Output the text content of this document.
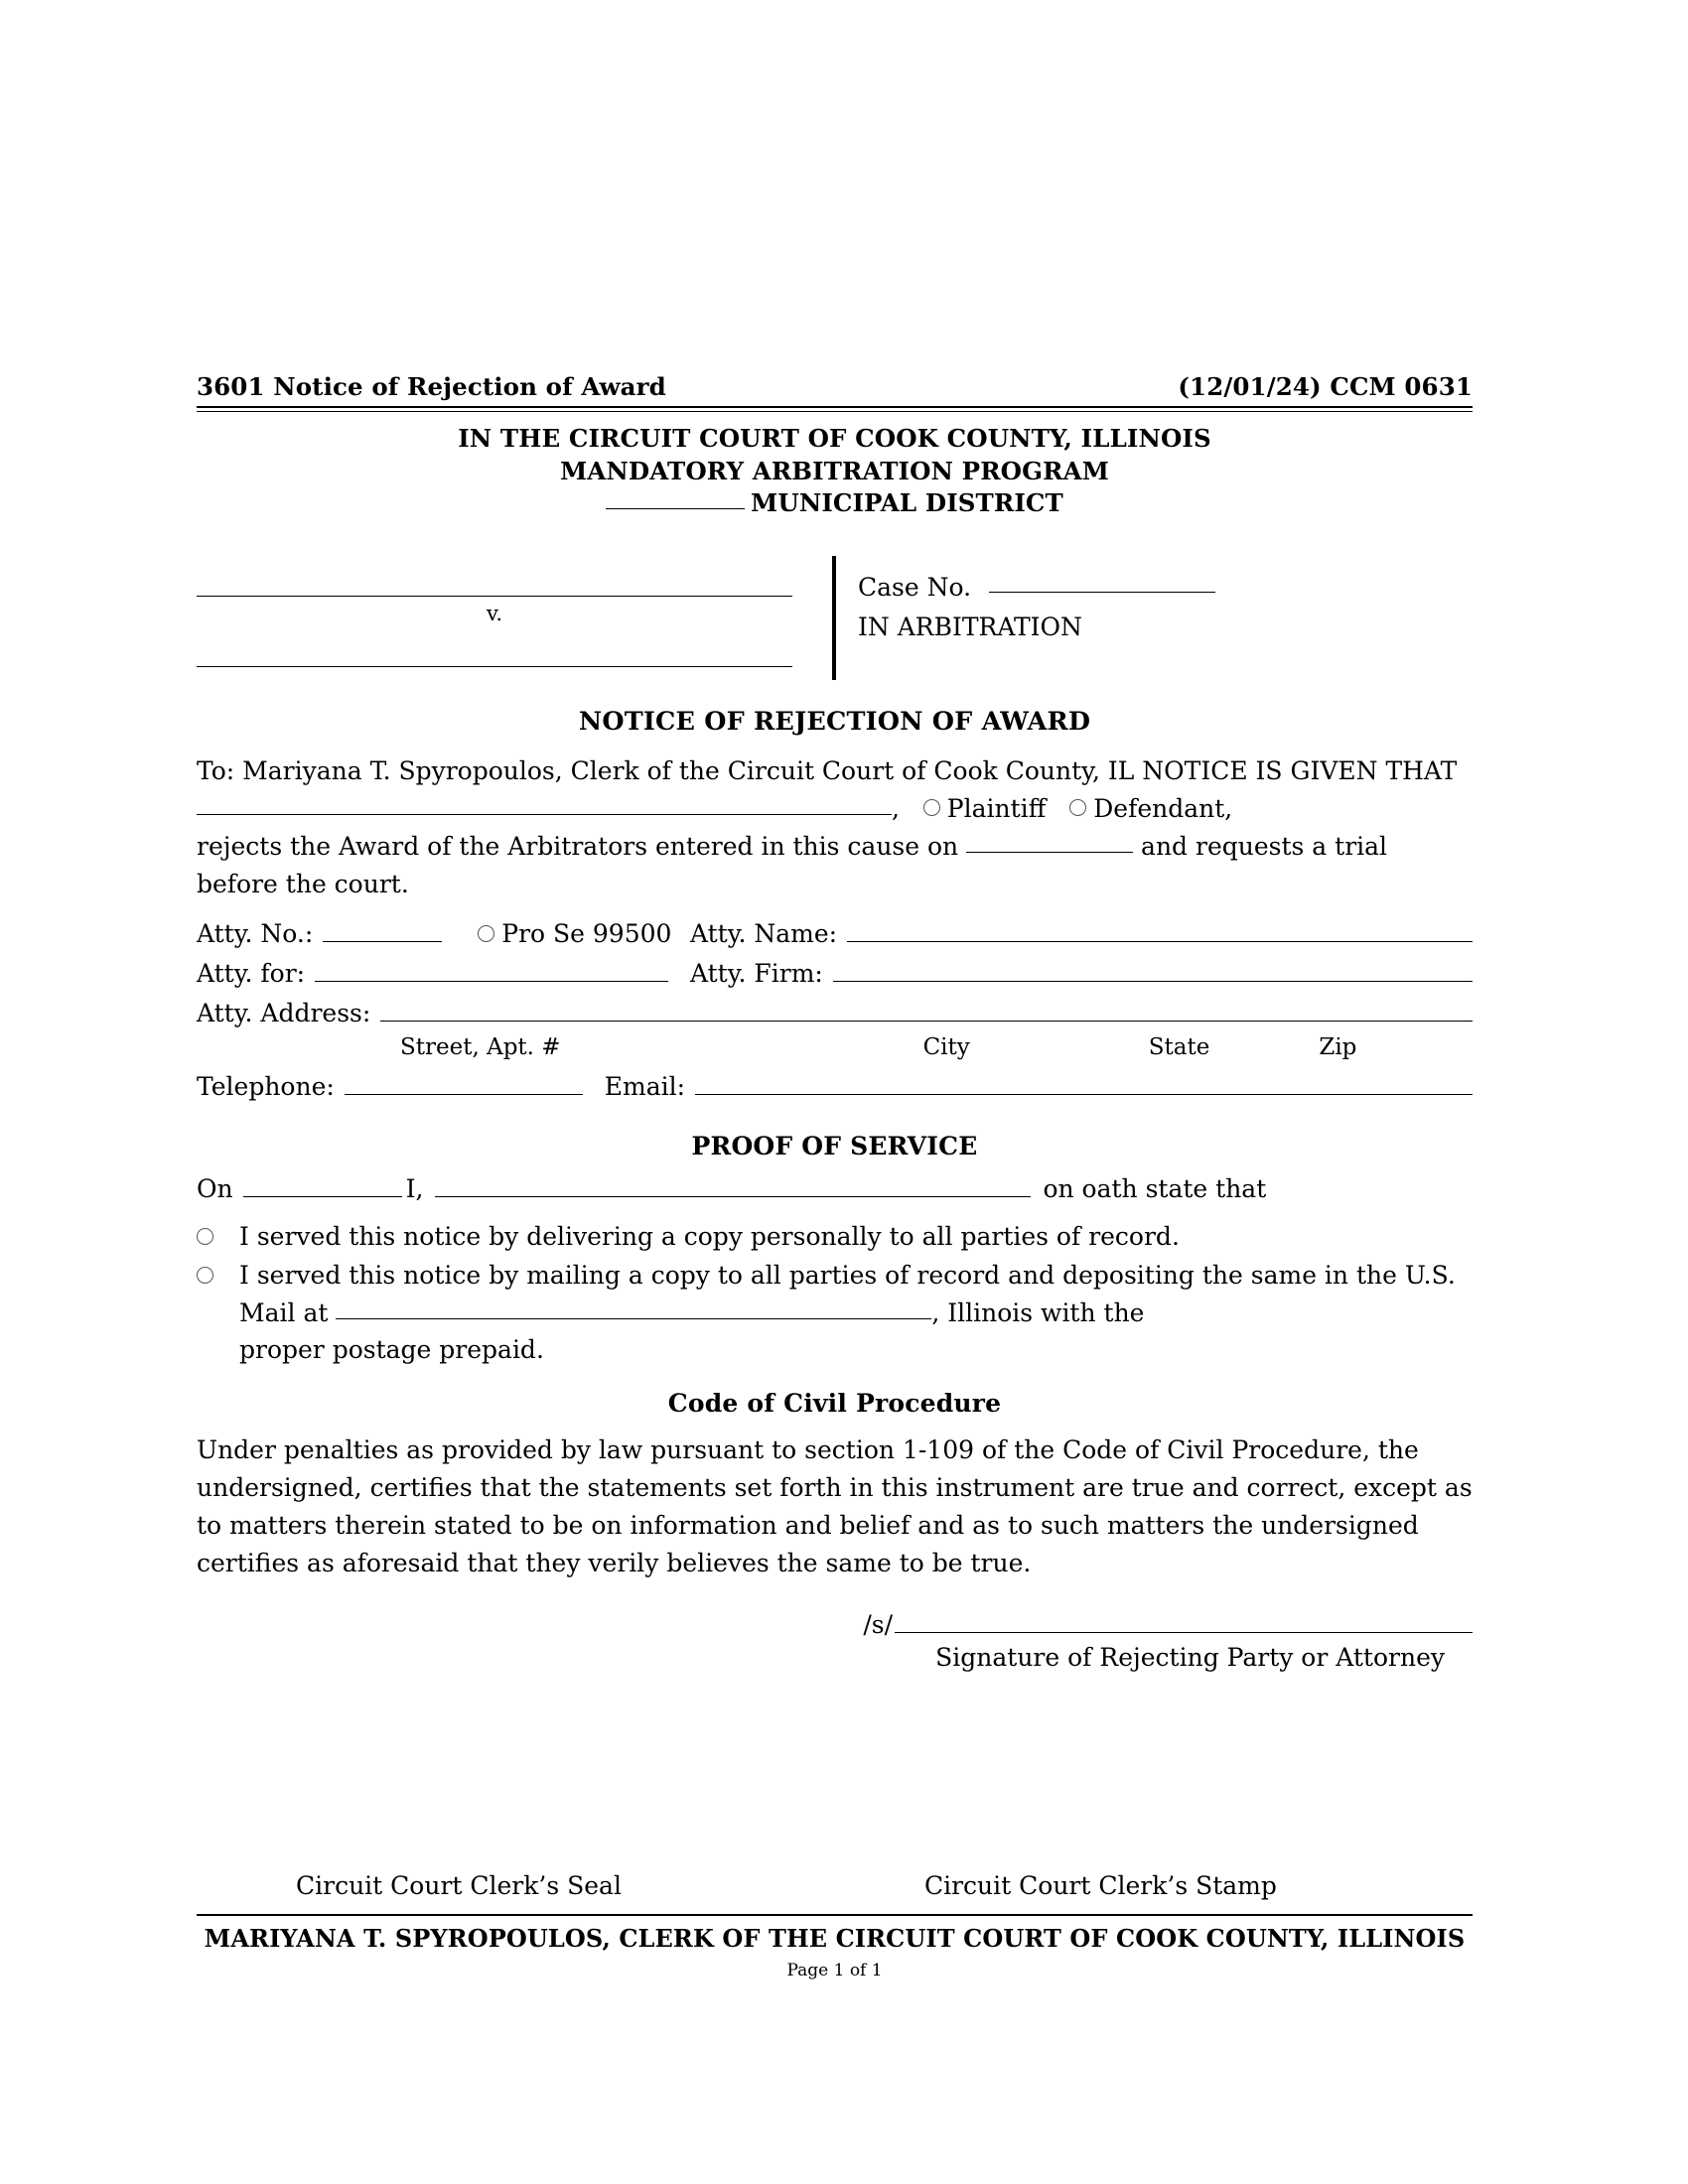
3601 Notice of Rejection of Award	(12/01/24) CCM 0631
IN THE CIRCUIT COURT OF COOK COUNTY, ILLINOIS
MANDATORY ARBITRATION PROGRAM
MUNICIPAL DISTRICT
v.
Case No.
IN ARBITRATION
NOTICE OF REJECTION OF AWARD
To: Mariyana T. Spyropoulos, Clerk of the Circuit Court of Cook County, IL NOTICE IS GIVEN THAT , Plaintiff Defendant,
rejects the Award of the Arbitrators entered in this cause on	and requests a trial before the court.
Atty. No.:	Pro Se 99500 Atty. Name:
Atty. for:	Atty. Firm:
Atty. Address:
Street, Apt. #	City	State	Zip
Telephone:	Email:
PROOF OF SERVICE
On	I,	on oath state that
I served this notice by delivering a copy personally to all parties of record.
I served this notice by mailing a copy to all parties of record and depositing the same in the U.S.
Mail at	, Illinois with the
proper postage prepaid.
Code of Civil Procedure
Under penalties as provided by law pursuant to section 1-109 of the Code of Civil Procedure, the undersigned, certifies that the statements set forth in this instrument are true and correct, except as to matters therein stated to be on information and belief and as to such matters the undersigned certifies as aforesaid that they verily believes the same to be true.
/s/
Signature of Rejecting Party or Attorney
Circuit Court Clerk’s Seal	Circuit Court Clerk’s Stamp
MARIYANA T. SPYROPOULOS, CLERK OF THE CIRCUIT COURT OF COOK COUNTY, ILLINOIS
Page 1 of 1
